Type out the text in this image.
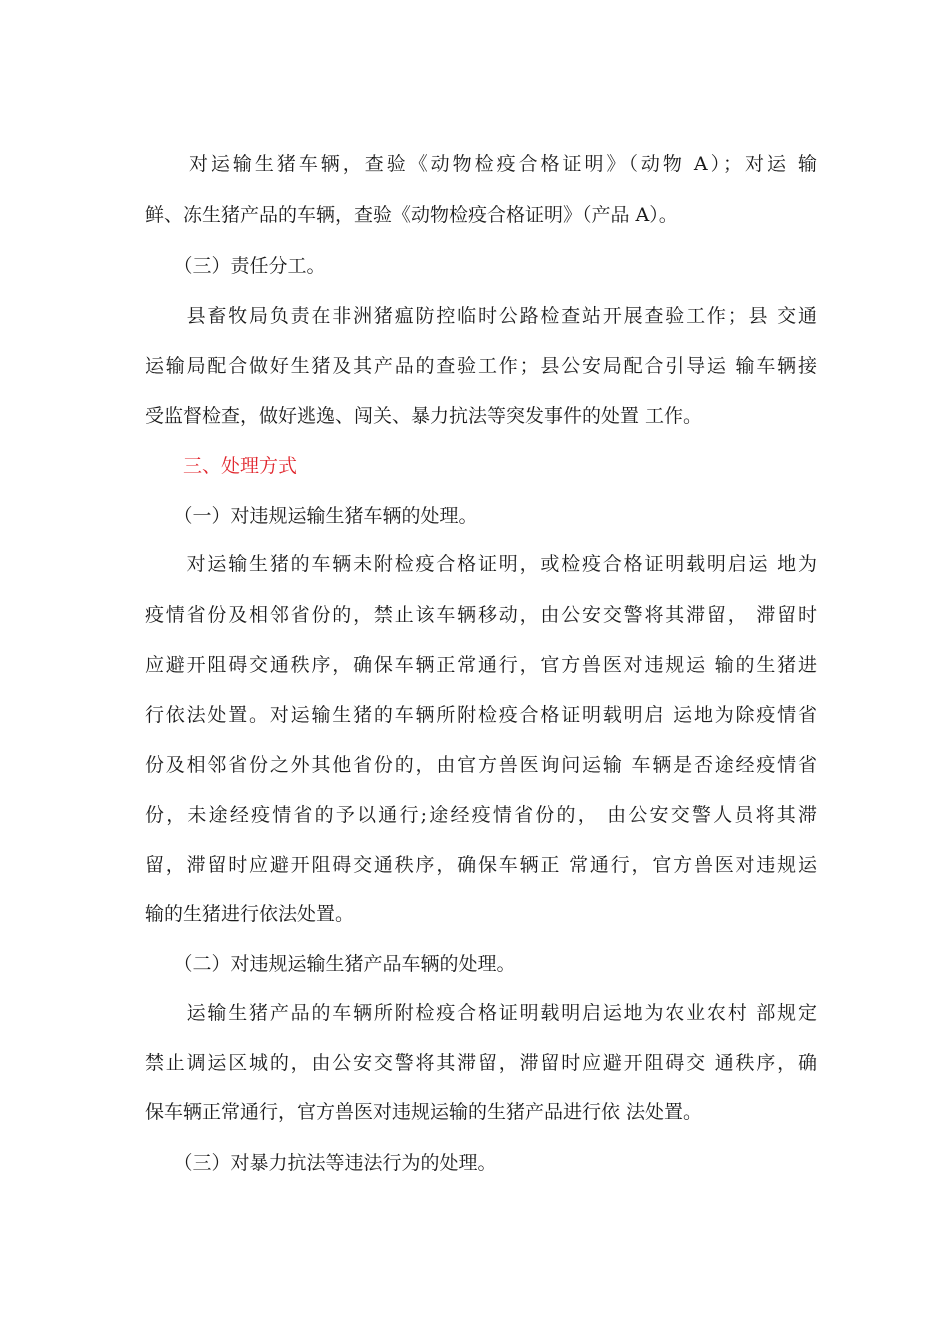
　　对运输生猪车辆，查验《动物检疫合格证明》（动物 A）；对运 输
鲜、冻生猪产品的车辆，查验《动物检疫合格证明》（产品 A）。
　　（三）责任分工。
　　县畜牧局负责在非洲猪瘟防控临时公路检查站开展查验工作；县 交通
运输局配合做好生猪及其产品的查验工作；县公安局配合引导运 输车辆接
受监督检查，做好逃逸、闯关、暴力抗法等突发事件的处置 工作。
　　三、处理方式
　　（一）对违规运输生猪车辆的处理。
　　对运输生猪的车辆未附检疫合格证明，或检疫合格证明载明启运 地为
疫情省份及相邻省份的，禁止该车辆移动，由公安交警将其滞留， 滞留时
应避开阻碍交通秩序，确保车辆正常通行，官方兽医对违规运 输的生猪进
行依法处置。对运输生猪的车辆所附检疫合格证明载明启 运地为除疫情省
份及相邻省份之外其他省份的，由官方兽医询问运输 车辆是否途经疫情省
份，未途经疫情省的予以通行;途经疫情省份的， 由公安交警人员将其滞
留，滞留时应避开阻碍交通秩序，确保车辆正 常通行，官方兽医对违规运
输的生猪进行依法处置。
　　（二）对违规运输生猪产品车辆的处理。
　　运输生猪产品的车辆所附检疫合格证明载明启运地为农业农村 部规定
禁止调运区城的，由公安交警将其滞留，滞留时应避开阻碍交 通秩序，确
保车辆正常通行，官方兽医对违规运输的生猪产品进行依 法处置。
　　（三）对暴力抗法等违法行为的处理。
